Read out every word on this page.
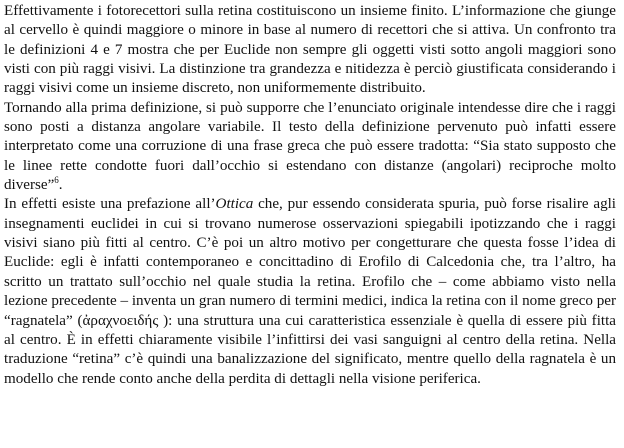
Effettivamente i fotorecettori sulla retina costituiscono un insieme finito. L’informazione che giunge al cervello è quindi maggiore o minore in base al numero di recettori che si attiva. Un confronto tra le definizioni 4 e 7 mostra che per Euclide non sempre gli oggetti visti sotto angoli maggiori sono visti con più raggi visivi. La distinzione tra grandezza e nitidezza è perciò giustificata considerando i raggi visivi come un insieme discreto, non uniformemente distribuito.

Tornando alla prima definizione, si può supporre che l’enunciato originale intendesse dire che i raggi sono posti a distanza angolare variabile. Il testo della definizione pervenuto può infatti essere interpretato come una corruzione di una frase greca che può essere tradotta: “Sia stato supposto che le linee rette condotte fuori dall’occhio si estendano con distanze (angolari) reciproche molto diverse”$^6$.

In effetti esiste una prefazione all’Ottica che, pur essendo considerata spuria, può forse risalire agli insegnamenti euclidei in cui si trovano numerose osservazioni spiegabili ipotizzando che i raggi visivi siano più fitti al centro. C’è poi un altro motivo per congetturare che questa fosse l’idea di Euclide: egli è infatti contemporaneo e concittadino di Erofilo di Calcedonia che, tra l’altro, ha scritto un trattato sull’occhio nel quale studia la retina. Erofilo che – come abbiamo visto nella lezione precedente – inventa un gran numero di termini medici, indica la retina con il nome greco per “ragnatela” (ἀραχνοειδής ): una struttura una cui caratteristica essenziale è quella di essere più fitta al centro. È in effetti chiaramente visibile l’infittirsi dei vasi sanguigni al centro della retina. Nella traduzione “retina” c’è quindi una banalizzazione del significato, mentre quello della ragnatela è un modello che rende conto anche della perdita di dettagli nella visione periferica.
